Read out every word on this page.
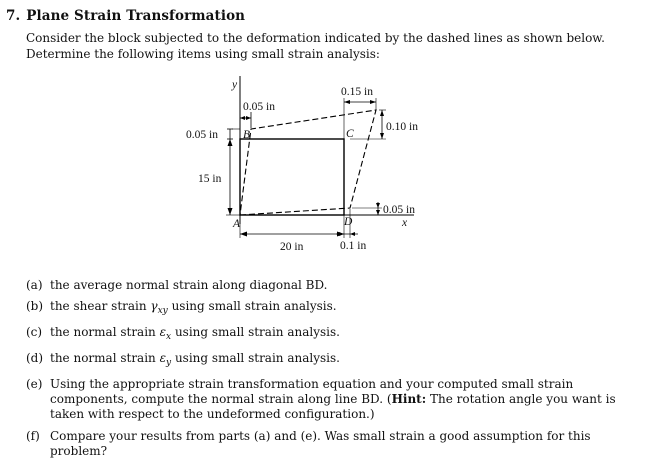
7. Plane Strain Transformation
Consider the block subjected to the deformation indicated by the dashed lines as shown below. Determine the following items using small strain analysis:
y
x
0.05 in
0.15 in
0.10 in
0.05 in
15 in
20 in	0.1 in
0.05 in
A
B	C
D
(a) the average normal strain along diagonal BD.
(b) the shear strain $\gamma_{xy}$ using small strain analysis.
(c) the normal strain $\varepsilon_x$ using small strain analysis.
(d) the normal strain $\varepsilon_y$ using small strain analysis.
(e) Using the appropriate strain transformation equation and your computed small strain components, compute the normal strain along line BD. (Hint: The rotation angle you want is taken with respect to the undeformed configuration.)
(f) Compare your results from parts (a) and (e). Was small strain a good assumption for this problem?
